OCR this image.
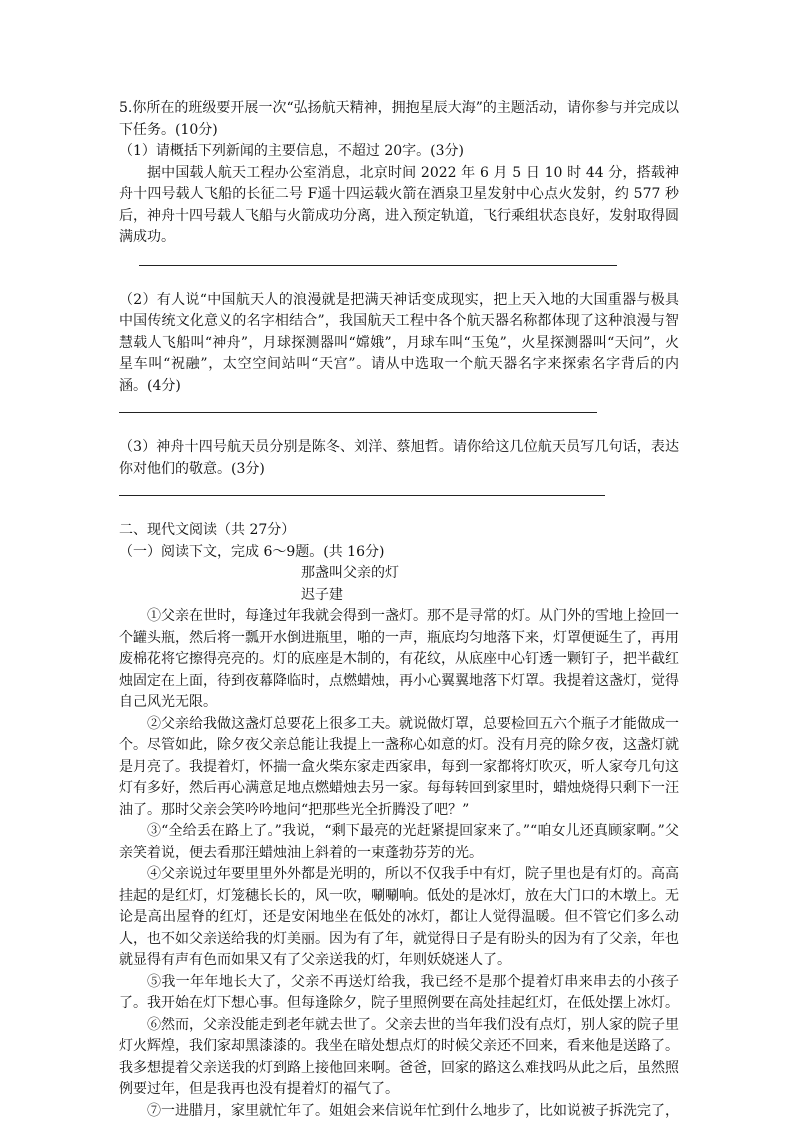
5.你所在的班级要开展一次“弘扬航天精神，拥抱星辰大海”的主题活动，请你参与并完成以下任务。(10分)

（1）请概括下列新闻的主要信息，不超过 20字。(3分)

据中国载人航天工程办公室消息，北京时间 2022 年 6 月 5 日 10 时 44 分，搭载神舟十四号载人飞船的长征二号 F遥十四运载火箭在酒泉卫星发射中心点火发射，约 577 秒后，神舟十四号载人飞船与火箭成功分离，进入预定轨道，飞行乘组状态良好，发射取得圆满成功。

（2）有人说“中国航天人的浪漫就是把满天神话变成现实，把上天入地的大国重器与极具中国传统文化意义的名字相结合”，我国航天工程中各个航天器名称都体现了这种浪漫与智慧载人飞船叫“神舟”，月球探测器叫“嫦娥”，月球车叫“玉兔”，火星探测器叫“天问”，火星车叫“祝融”，太空空间站叫“天宫”。请从中选取一个航天器名字来探索名字背后的内涵。(4分)

（3）神舟十四号航天员分别是陈冬、刘洋、蔡旭哲。请你给这几位航天员写几句话，表达你对他们的敬意。(3分)

二、现代文阅读（共 27分）

（一）阅读下文，完成 6～9题。(共 16分)

那盏叫父亲的灯

迟子建

①父亲在世时，每逢过年我就会得到一盏灯。那不是寻常的灯。从门外的雪地上捡回一个罐头瓶，然后将一瓢开水倒进瓶里，啪的一声，瓶底均匀地落下来，灯罩便诞生了，再用废棉花将它擦得亮亮的。灯的底座是木制的，有花纹，从底座中心钉透一颗钉子，把半截红烛固定在上面，待到夜幕降临时，点燃蜡烛，再小心翼翼地落下灯罩。我提着这盏灯，觉得自己风光无限。

②父亲给我做这盏灯总要花上很多工夫。就说做灯罩，总要检回五六个瓶子才能做成一个。尽管如此，除夕夜父亲总能让我提上一盏称心如意的灯。没有月亮的除夕夜，这盏灯就是月亮了。我提着灯，怀揣一盒火柴东家走西家串，每到一家都将灯吹灭，听人家夸几句这灯有多好，然后再心满意足地点燃蜡烛去另一家。每每转回到家里时，蜡烛烧得只剩下一汪油了。那时父亲会笑吟吟地问“把那些光全折腾没了吧？”

③“全给丢在路上了。”我说，“剩下最亮的光赶紧提回家来了。”“咱女儿还真顾家啊。”父亲笑着说，便去看那汪蜡烛油上斜着的一束蓬勃芬芳的光。

④父亲说过年要里里外外都是光明的，所以不仅我手中有灯，院子里也是有灯的。高高挂起的是红灯，灯笼穗长长的，风一吹，唰唰响。低处的是冰灯，放在大门口的木墩上。无论是高出屋脊的红灯，还是安闲地坐在低处的冰灯，都让人觉得温暖。但不管它们多么动人，也不如父亲送给我的灯美丽。因为有了年，就觉得日子是有盼头的因为有了父亲，年也就显得有声有色而如果又有了父亲送我的灯，年则妖娆迷人了。

⑤我一年年地长大了，父亲不再送灯给我，我已经不是那个提着灯串来串去的小孩子了。我开始在灯下想心事。但每逢除夕，院子里照例要在高处挂起红灯，在低处摆上冰灯。

⑥然而，父亲没能走到老年就去世了。父亲去世的当年我们没有点灯，别人家的院子里灯火辉煌，我们家却黑漆漆的。我坐在暗处想点灯的时候父亲还不回来，看来他是送路了。我多想提着父亲送我的灯到路上接他回来啊。爸爸，回家的路这么难找吗从此之后，虽然照例要过年，但是我再也没有提着灯的福气了。

⑦一进腊月，家里就忙年了。姐姐会来信说年忙到什么地步了，比如说被子拆洗完了，
